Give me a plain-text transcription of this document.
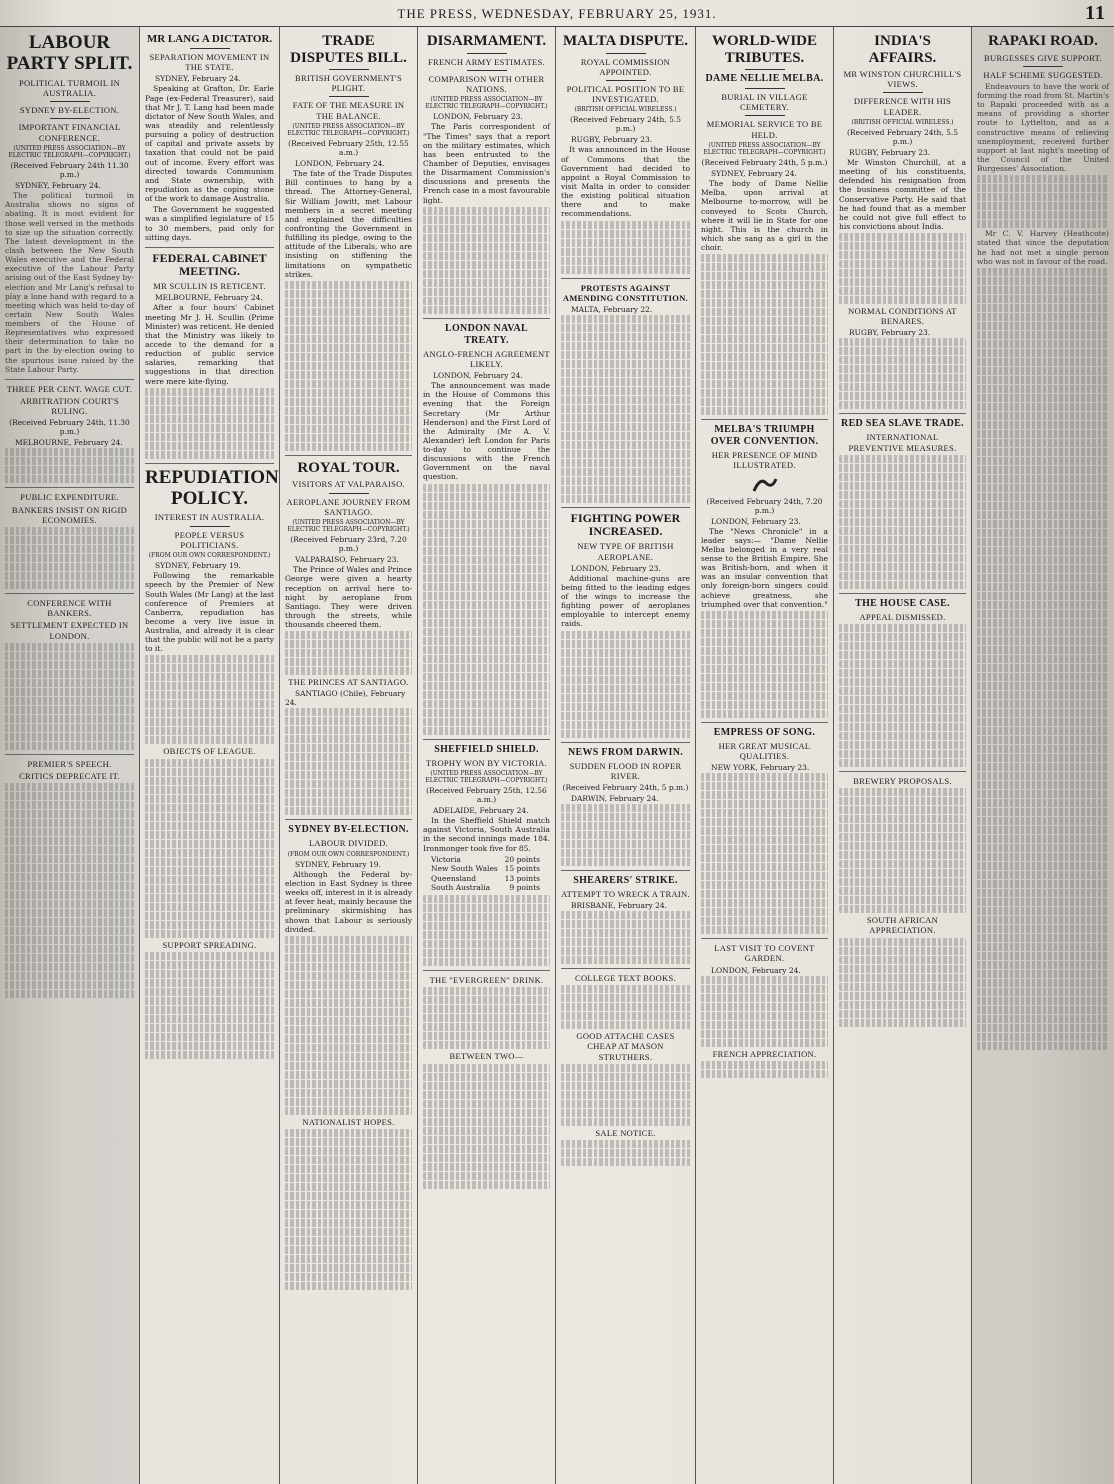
THE PRESS, WEDNESDAY, FEBRUARY 25, 1931.	11
LABOUR PARTY SPLIT.
POLITICAL TURMOIL IN AUSTRALIA.
SYDNEY BY-ELECTION.
IMPORTANT FINANCIAL CONFERENCE.
(UNITED PRESS ASSOCIATION—BY ELECTRIC TELEGRAPH—COPYRIGHT.)
(Received February 24th 11.30 p.m.)
SYDNEY, February 24.

The political turmoil in Australia shows no signs of abating. It is most evident for those well versed in the methods to size up the situation correctly. The latest development in the clash between the New South Wales executive and the Federal executive of the Labour Party arising out of the East Sydney by-election and Mr Lang's refusal to play a lone hand with regard to a meeting which was held to-day of certain New South Wales members of the House of Representatives who expressed their determination to take no part in the by-election owing to the spurious issue raised by the State Labour Party.

THREE PER CENT. WAGE CUT.
ARBITRATION COURT'S RULING.
(Received February 24th, 11.30 p.m.)
MELBOURNE, February 24.
PUBLIC EXPENDITURE.
BANKERS INSIST ON RIGID ECONOMIES.
CONFERENCE WITH BANKERS.
SETTLEMENT EXPECTED IN LONDON.
PREMIER'S SPEECH.
CRITICS DEPRECATE IT.
MR LANG A DICTATOR.
SEPARATION MOVEMENT IN THE STATE.
SYDNEY, February 24.

Speaking at Grafton, Dr. Earle Page (ex-Federal Treasurer), said that Mr J. T. Lang had been made dictator of New South Wales, and was steadily and relentlessly pursuing a policy of destruction of capital and private assets by taxation that could not be paid out of income. Every effort was directed towards Communism and State ownership, with repudiation as the coping stone of the work to damage Australia.

The Government he suggested was a simplified legislature of 15 to 30 members, paid only for sitting days.

FEDERAL CABINET MEETING.
MR SCULLIN IS RETICENT.
MELBOURNE, February 24.

After a four hours' Cabinet meeting Mr J. H. Scullin (Prime Minister) was reticent. He denied that the Ministry was likely to accede to the demand for a reduction of public service salaries, remarking that suggestions in that direction were mere kite-flying.

REPUDIATION POLICY.
INTEREST IN AUSTRALIA.
PEOPLE VERSUS POLITICIANS.
(FROM OUR OWN CORRESPONDENT.)
SYDNEY, February 19.

Following the remarkable speech by the Premier of New South Wales (Mr Lang) at the last conference of Premiers at Canberra, repudiation has become a very live issue in Australia, and already it is clear that the public will not be a party to it.

OBJECTS OF LEAGUE.
SUPPORT SPREADING.
TRADE DISPUTES BILL.
BRITISH GOVERNMENT'S PLIGHT.
FATE OF THE MEASURE IN THE BALANCE.
(UNITED PRESS ASSOCIATION—BY ELECTRIC TELEGRAPH—COPYRIGHT.)
(Received February 25th, 12.55 a.m.)
LONDON, February 24.

The fate of the Trade Disputes Bill continues to hang by a thread. The Attorney-General, Sir William Jowitt, met Labour members in a secret meeting and explained the difficulties confronting the Government in fulfilling its pledge, owing to the attitude of the Liberals, who are insisting on stiffening the limitations on sympathetic strikes.

ROYAL TOUR.
VISITORS AT VALPARAISO.
AEROPLANE JOURNEY FROM SANTIAGO.
(UNITED PRESS ASSOCIATION—BY ELECTRIC TELEGRAPH—COPYRIGHT.)
(Received February 23rd, 7.20 p.m.)
VALPARAISO, February 23.

The Prince of Wales and Prince George were given a hearty reception on arrival here to-night by aeroplane from Santiago. They were driven through the streets, while thousands cheered them.

THE PRINCES AT SANTIAGO.
SANTIAGO (Chile), February 24.
SYDNEY BY-ELECTION.
LABOUR DIVIDED.
(FROM OUR OWN CORRESPONDENT.)
SYDNEY, February 19.

Although the Federal by-election in East Sydney is three weeks off, interest in it is already at fever heat, mainly because the preliminary skirmishing has shown that Labour is seriously divided.

NATIONALIST HOPES.
DISARMAMENT.
FRENCH ARMY ESTIMATES.
COMPARISON WITH OTHER NATIONS.
(UNITED PRESS ASSOCIATION—BY ELECTRIC TELEGRAPH—COPYRIGHT.)
LONDON, February 23.

The Paris correspondent of "The Times" says that a report on the military estimates, which has been entrusted to the Chamber of Deputies, envisages the Disarmament Commission's discussions and presents the French case in a most favourable light.

LONDON NAVAL TREATY.
ANGLO-FRENCH AGREEMENT LIKELY.
LONDON, February 24.

The announcement was made in the House of Commons this evening that the Foreign Secretary (Mr Arthur Henderson) and the First Lord of the Admiralty (Mr A. V. Alexander) left London for Paris to-day to continue the discussions with the French Government on the naval question.

SHEFFIELD SHIELD.
TROPHY WON BY VICTORIA.
(UNITED PRESS ASSOCIATION—BY ELECTRIC TELEGRAPH—COPYRIGHT.)
(Received February 25th, 12.56 a.m.)
ADELAIDE, February 24.

In the Sheffield Shield match against Victoria, South Australia in the second innings made 184. Ironmonger took five for 85.

Victoria	20 points
New South Wales 15 points
Queensland	13 points
South Australia	9 points
THE "EVERGREEN" DRINK.
BETWEEN TWO—
MALTA DISPUTE.
ROYAL COMMISSION APPOINTED.
POLITICAL POSITION TO BE INVESTIGATED.
(BRITISH OFFICIAL WIRELESS.)
(Received February 24th, 5.5 p.m.)
RUGBY, February 23.

It was announced in the House of Commons that the Government had decided to appoint a Royal Commission to visit Malta in order to consider the existing political situation there and to make recommendations.

PROTESTS AGAINST AMENDING CONSTITUTION.
MALTA, February 22.
FIGHTING POWER INCREASED.
NEW TYPE OF BRITISH AEROPLANE.
LONDON, February 23.

Additional machine-guns are being fitted to the leading edges of the wings to increase the fighting power of aeroplanes employable to intercept enemy raids.

NEWS FROM DARWIN.
SUDDEN FLOOD IN ROPER RIVER.
(Received February 24th, 5 p.m.)
DARWIN, February 24.
SHEARERS' STRIKE.
ATTEMPT TO WRECK A TRAIN.
BRISBANE, February 24.
COLLEGE TEXT BOOKS.
GOOD ATTACHE CASES CHEAP AT MASON STRUTHERS.
SALE NOTICE.
WORLD-WIDE TRIBUTES.
DAME NELLIE MELBA.
BURIAL IN VILLAGE CEMETERY.
MEMORIAL SERVICE TO BE HELD.
(UNITED PRESS ASSOCIATION—BY ELECTRIC TELEGRAPH—COPYRIGHT.)
(Received February 24th, 5 p.m.)
SYDNEY, February 24.

The body of Dame Nellie Melba, upon arrival at Melbourne to-morrow, will be conveyed to Scots Church, where it will lie in State for one night. This is the church in which she sang as a girl in the choir.

MELBA'S TRIUMPH OVER CONVENTION.
HER PRESENCE OF MIND ILLUSTRATED.
(Received February 24th, 7.20 p.m.)
LONDON, February 23.

The "News Chronicle" in a leader says:— "Dame Nellie Melba belonged in a very real sense to the British Empire. She was British-born, and when it was an insular convention that only foreign-born singers could achieve greatness, she triumphed over that convention."

EMPRESS OF SONG.
HER GREAT MUSICAL QUALITIES.
NEW YORK, February 23.
LAST VISIT TO COVENT GARDEN.
LONDON, February 24.
FRENCH APPRECIATION.
INDIA'S AFFAIRS.
MR WINSTON CHURCHILL'S VIEWS.
DIFFERENCE WITH HIS LEADER.
(BRITISH OFFICIAL WIRELESS.)
(Received February 24th, 5.5 p.m.)
RUGBY, February 23.

Mr Winston Churchill, at a meeting of his constituents, defended his resignation from the business committee of the Conservative Party. He said that he had found that as a member he could not give full effect to his convictions about India.

NORMAL CONDITIONS AT BENARES.
RUGBY, February 23.
RED SEA SLAVE TRADE.
INTERNATIONAL PREVENTIVE MEASURES.
THE HOUSE CASE.
APPEAL DISMISSED.
BREWERY PROPOSALS.
SOUTH AFRICAN APPRECIATION.
RAPAKI ROAD.
BURGESSES GIVE SUPPORT.
HALF SCHEME SUGGESTED.

Endeavours to have the work of forming the road from St. Martin's to Rapaki proceeded with as a means of providing a shorter route to Lyttelton, and as a constructive means of relieving unemployment, received further support at last night's meeting of the Council of the United Burgesses' Association.

Mr C. V. Harvey (Heathcote) stated that since the deputation he had not met a single person who was not in favour of the road.
